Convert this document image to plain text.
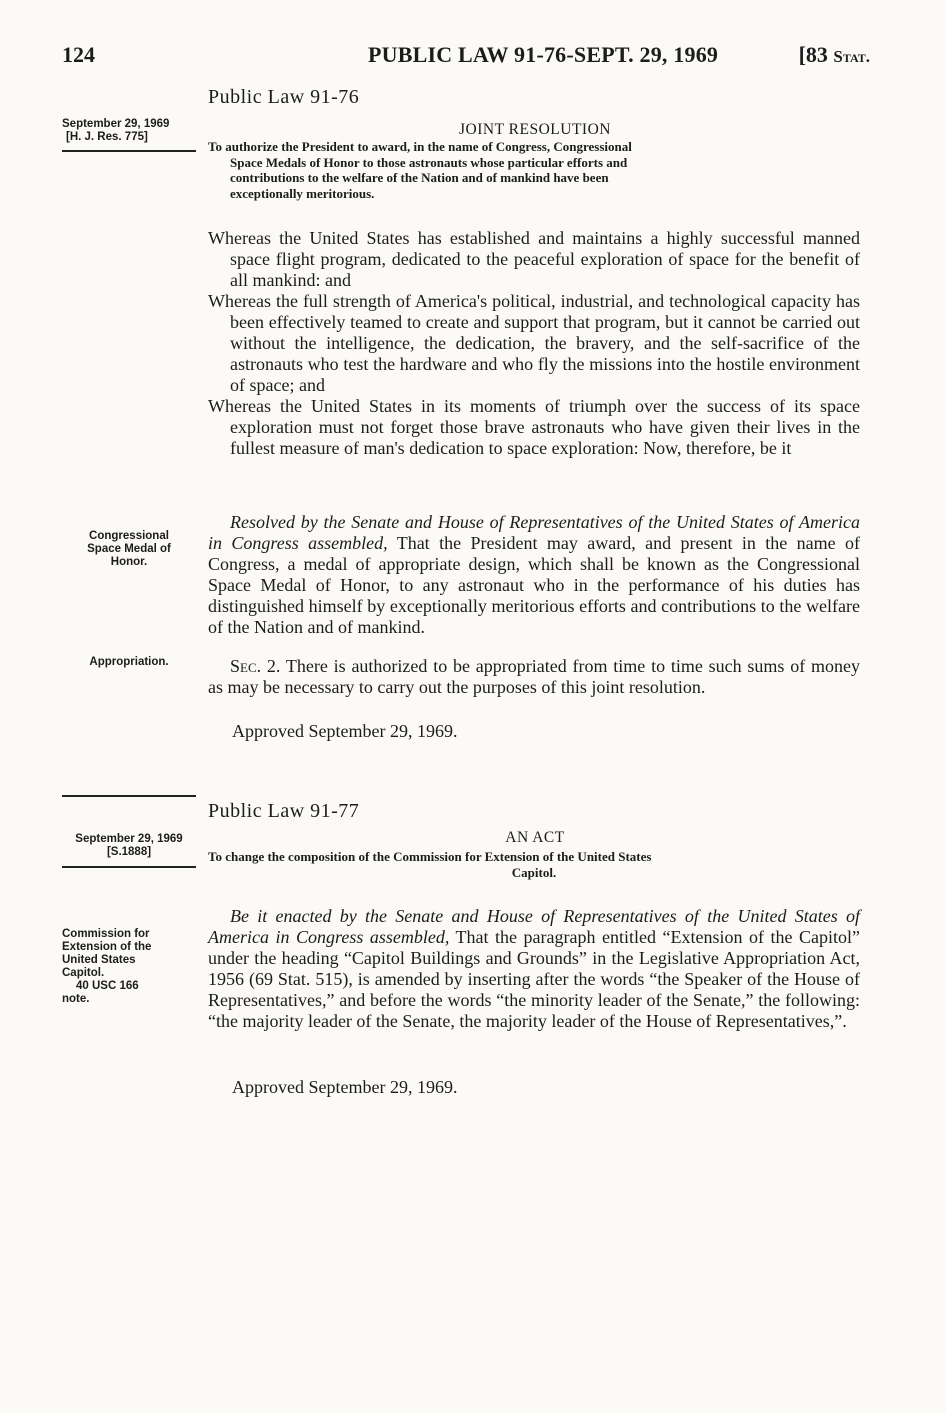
124	PUBLIC LAW 91-76-SEPT. 29, 1969	[83 Stat.
Public Law 91-76
September 29, 1969
[H. J. Res. 775]	JOINT RESOLUTION
To authorize the President to award, in the name of Congress, Congressional
Space Medals of Honor to those astronauts whose particular efforts and
contributions to the welfare of the Nation and of mankind have been
exceptionally meritorious.

Whereas the United States has established and maintains a highly successful manned space flight program, dedicated to the peaceful exploration of space for the benefit of all mankind: and

Whereas the full strength of America's political, industrial, and technological capacity has been effectively teamed to create and support that program, but it cannot be carried out without the intelligence, the dedication, the bravery, and the self-sacrifice of the astronauts who test the hardware and who fly the missions into the hostile environment of space; and

Whereas the United States in its moments of triumph over the success of its space exploration must not forget those brave astronauts who have given their lives in the fullest measure of man's dedication to space exploration: Now, therefore, be it

Congressional
Space Medal of
Honor.

Resolved by the Senate and House of Representatives of the United States of America in Congress assembled, That the President may award, and present in the name of Congress, a medal of appropriate design, which shall be known as the Congressional Space Medal of Honor, to any astronaut who in the performance of his duties has distinguished himself by exceptionally meritorious efforts and contributions to the welfare of the Nation and of mankind.

Appropriation.	Sec. 2. There is authorized to be appropriated from time to time such sums of money as may be necessary to carry out the purposes of this joint resolution.

Approved September 29, 1969.
Public Law 91-77
September 29, 1969
[S.1888]
AN ACT
To change the composition of the Commission for Extension of the United States
Capitol.
Commission for
Extension of the
United States
Capitol.
40 USC 166
note.

Be it enacted by the Senate and House of Representatives of the United States of America in Congress assembled, That the paragraph entitled “Extension of the Capitol” under the heading “Capitol Buildings and Grounds” in the Legislative Appropriation Act, 1956 (69 Stat. 515), is amended by inserting after the words “the Speaker of the House of Representatives,” and before the words “the minority leader of the Senate,” the following: “the majority leader of the Senate, the majority leader of the House of Representatives,”.

Approved September 29, 1969.
